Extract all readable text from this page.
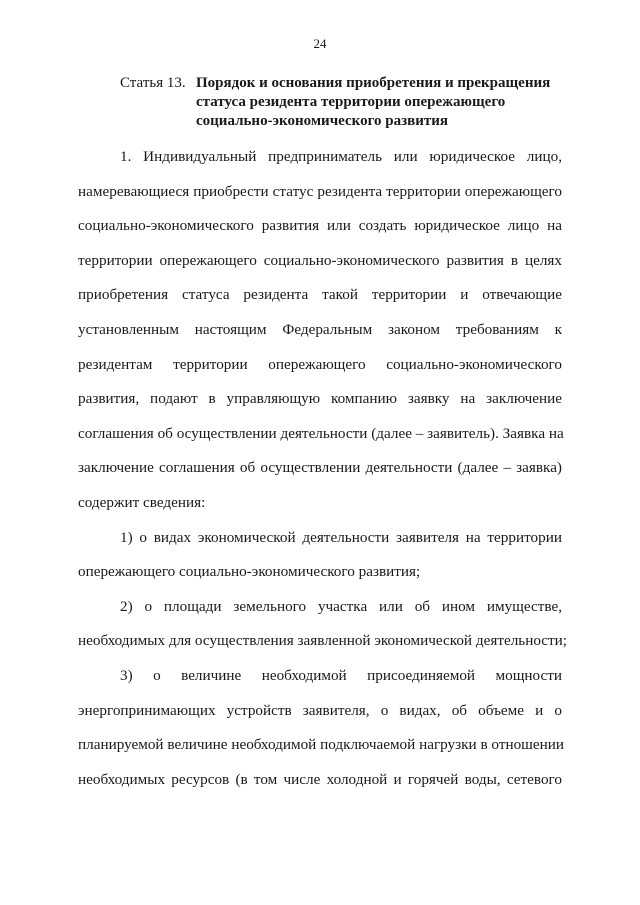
24
Статья 13. Порядок и основания приобретения и прекращения статуса резидента территории опережающего социально-экономического развития
1. Индивидуальный предприниматель или юридическое лицо,
намеревающиеся приобрести статус резидента территории опережающего
социально-экономического развития или создать юридическое лицо на
территории опережающего социально-экономического развития в целях
приобретения статуса резидента такой территории и отвечающие
установленным настоящим Федеральным законом требованиям к
резидентам территории опережающего социально-экономического
развития, подают в управляющую компанию заявку на заключение
соглашения об осуществлении деятельности (далее – заявитель). Заявка на
заключение соглашения об осуществлении деятельности (далее – заявка)
содержит сведения:
1) о видах экономической деятельности заявителя на территории
опережающего социально-экономического развития;
2) о площади земельного участка или об ином имуществе,
необходимых для осуществления заявленной экономической деятельности;
3) о величине необходимой присоединяемой мощности
энергопринимающих устройств заявителя, о видах, об объеме и о
планируемой величине необходимой подключаемой нагрузки в отношении
необходимых ресурсов (в том числе холодной и горячей воды, сетевого
